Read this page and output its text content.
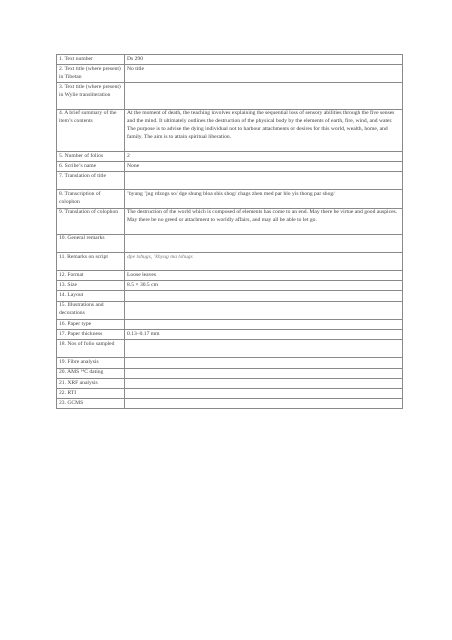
1. Text number	Ds 290
2. Text title (where present) in Tibetan	No title
3. Text title (where present) in Wylie transliteration	
4. A brief summary of the item’s contents	At the moment of death, the teaching involves explaining the sequential loss of sensory abilities through the five senses and the mind. It ultimately outlines the destruction of the physical body by the elements of earth, fire, wind, and water. The purpose is to advise the dying individual not to harbour attachments or desires for this world, wealth, home, and family. The aim is to attain spiritual liberation.
5. Number of folios	2
6. Scribe’s name	None
7. Translation of title	
8. Transcription of colophon	’byung ’jug rdzogs so/ dge shung bloa shis shog/ chags zhen med par blo yis thong par shog/
9. Translation of colophon	The destruction of the world which is composed of elements has come to an end. May there be virtue and good auspices. May there be no greed or attachment to worldly affairs, and may all be able to let go.
10. General remarks	
11. Remarks on script	dpe tshugs, ’khyug ma tshugs
12. Format	Loose leaves
13. Size	8.5 × 30.5 cm
14. Layout	
15. Illustrations and decorations	
16. Paper type	
17. Paper thickness	0.13–0.17 mm
18. Nos of folio sampled	
19. Fibre analysis	
20. AMS ¹⁴C dating	
21. XRF analysis	
22. RTI	
23. GCMS	
